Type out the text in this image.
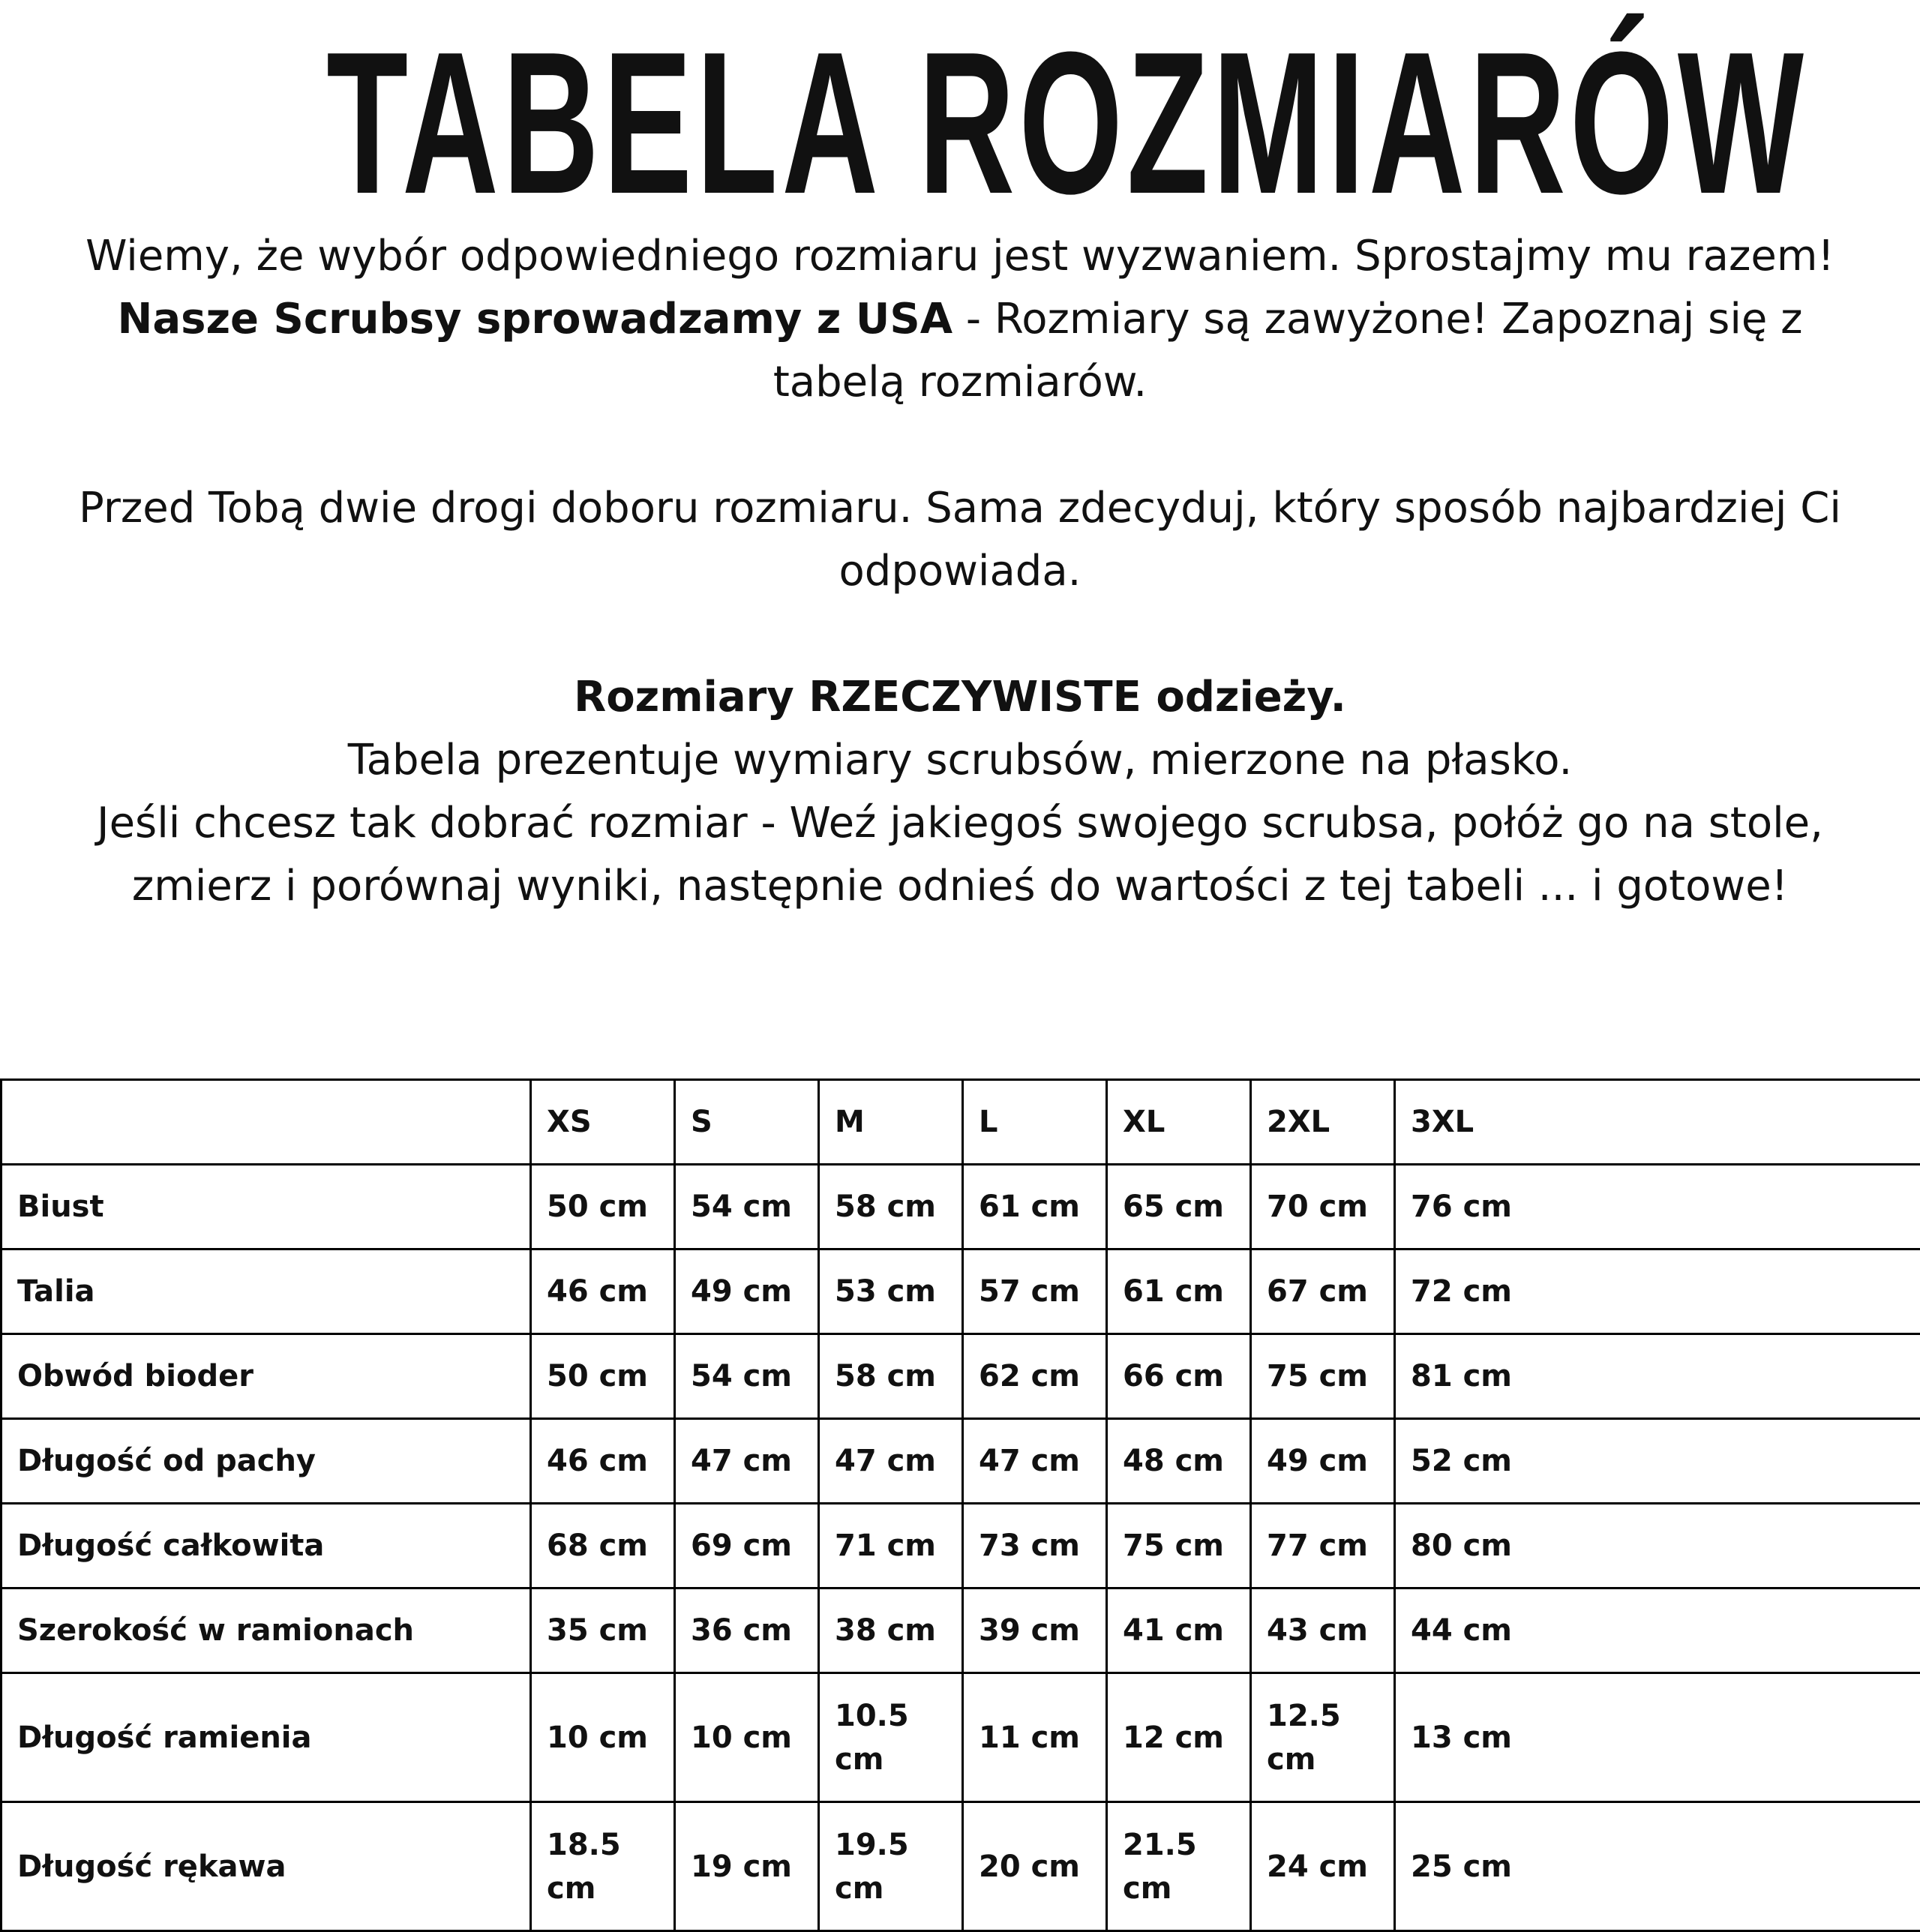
TABELA ROZMIARÓW

Wiemy, że wybór odpowiedniego rozmiaru jest wyzwaniem. Sprostajmy mu razem!

Nasze Scrubsy sprowadzamy z USA - Rozmiary są zawyżone! Zapoznaj się z tabelą rozmiarów.

Przed Tobą dwie drogi doboru rozmiaru. Sama zdecyduj, który sposób najbardziej Ci odpowiada.

Rozmiary RZECZYWISTE odzieży.

Tabela prezentuje wymiary scrubsów, mierzone na płasko.

Jeśli chcesz tak dobrać rozmiar - Weź jakiegoś swojego scrubsa, połóż go na stole, zmierz i porównaj wyniki, następnie odnieś do wartości z tej tabeli ... i gotowe!

	XS	S	M	L	XL	2XL	3XL
Biust	50 cm	54 cm	58 cm	61 cm	65 cm	70 cm	76 cm
Talia	46 cm	49 cm	53 cm	57 cm	61 cm	67 cm	72 cm
Obwód bioder	50 cm	54 cm	58 cm	62 cm	66 cm	75 cm	81 cm
Długość od pachy	46 cm	47 cm	47 cm	47 cm	48 cm	49 cm	52 cm
Długość całkowita	68 cm	69 cm	71 cm	73 cm	75 cm	77 cm	80 cm
Szerokość w ramionach	35 cm	36 cm	38 cm	39 cm	41 cm	43 cm	44 cm
Długość ramienia	10 cm	10 cm	10.5 cm	11 cm	12 cm	12.5 cm	13 cm
Długość rękawa	18.5 cm	19 cm	19.5 cm	20 cm	21.5 cm	24 cm	25 cm
